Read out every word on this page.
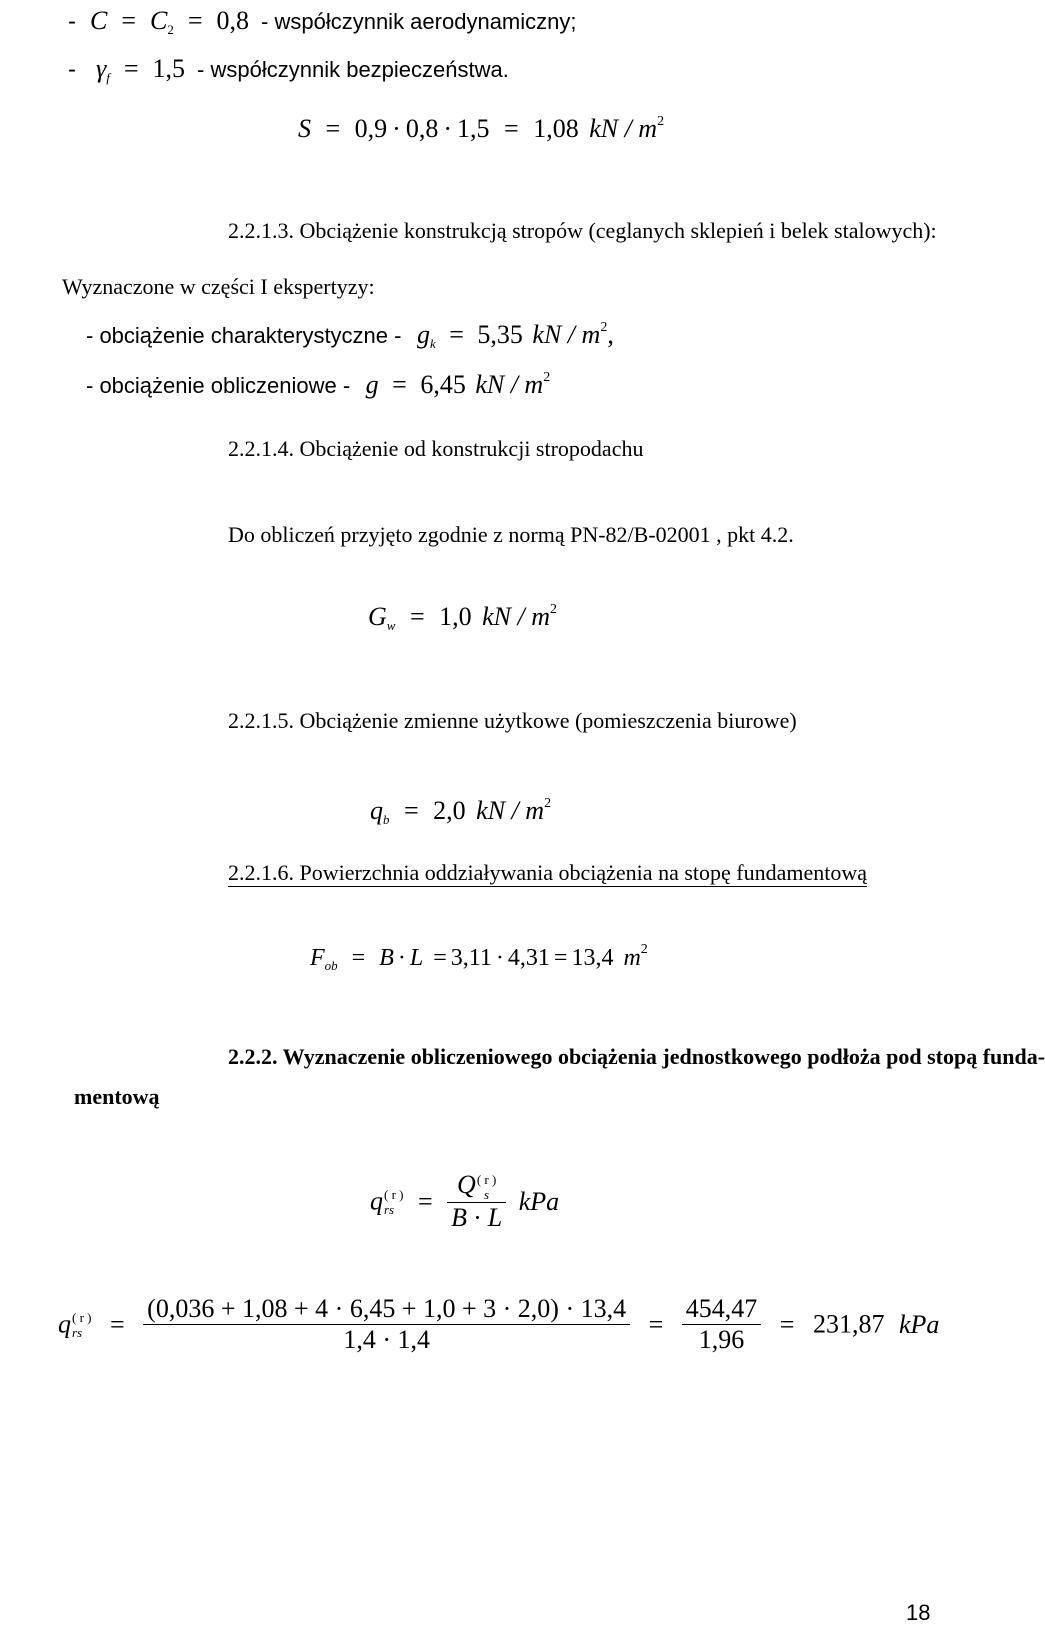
- $C = C_2 = 0,8$ - współczynnik aerodynamiczny;
- $\gamma_f = 1,5$ - współczynnik bezpieczeństwa.
S = 0,9 · 0,8 · 1,5 = 1,08 kN / $m^2$
2.2.1.3. Obciążenie konstrukcją stropów (ceglanych sklepień i belek stalowych):
Wyznaczone w części I ekspertyzy:
- obciążenie charakterystyczne - $g_k = 5,35$ kN / $m^2$,
- obciążenie obliczeniowe - g = 6,45 kN / $m^2$
2.2.1.4. Obciążenie od konstrukcji stropodachu
Do obliczeń przyjęto zgodnie z normą PN-82/B-02001 , pkt 4.2.
$G_w = 1,0$ kN / $m^2$
2.2.1.5. Obciążenie zmienne użytkowe (pomieszczenia biurowe)
$q_b = 2,0$ kN / $m^2$
2.2.1.6. Powierzchnia oddziaływania obciążenia na stopę fundamentową
$F_{ob} = B \cdot L = 3,11 \cdot 4,31 = 13,4$ $m^2$
2.2.2. Wyznaczenie obliczeniowego obciążenia jednostkowego podłoża pod stopą funda-
mentową
q ( r )
rs = Q ( r )
s
B · L kPa
q ( r )
rs	= $\frac{(0,036 + 1,08 + 4 \cdot 6,45 + 1,0 + 3 \cdot 2,0) \cdot 13,4}{1,4 \cdot 1,4} = \frac{454,47}{1,96} = 231,87$ kPa
18
